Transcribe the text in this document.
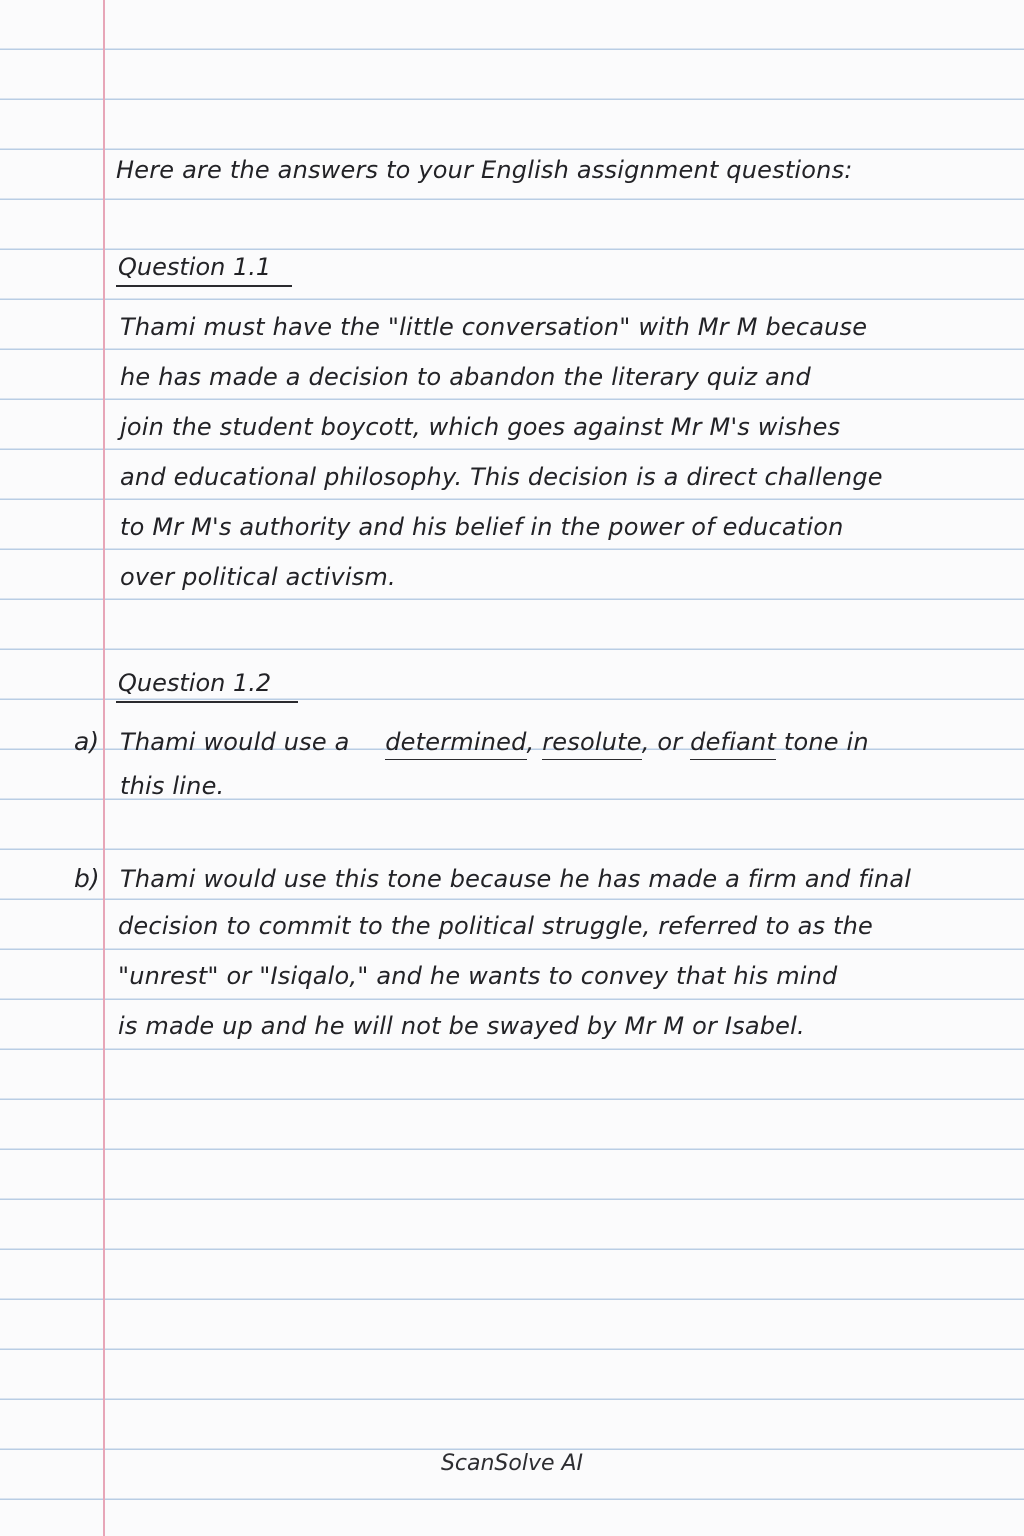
Here are the answers to your English assignment questions:
Question 1.1
Thami must have the "little conversation" with Mr M because
he has made a decision to abandon the literary quiz and
join the student boycott, which goes against Mr M's wishes
and educational philosophy. This decision is a direct challenge
to Mr M's authority and his belief in the power of education
over political activism.
Question 1.2
a) Thami would use a determined, resolute, or defiant tone in
this line.
b) Thami would use this tone because he has made a firm and final
decision to commit to the political struggle, referred to as the
"unrest" or "Isiqalo," and he wants to convey that his mind
is made up and he will not be swayed by Mr M or Isabel.
ScanSolve AI
